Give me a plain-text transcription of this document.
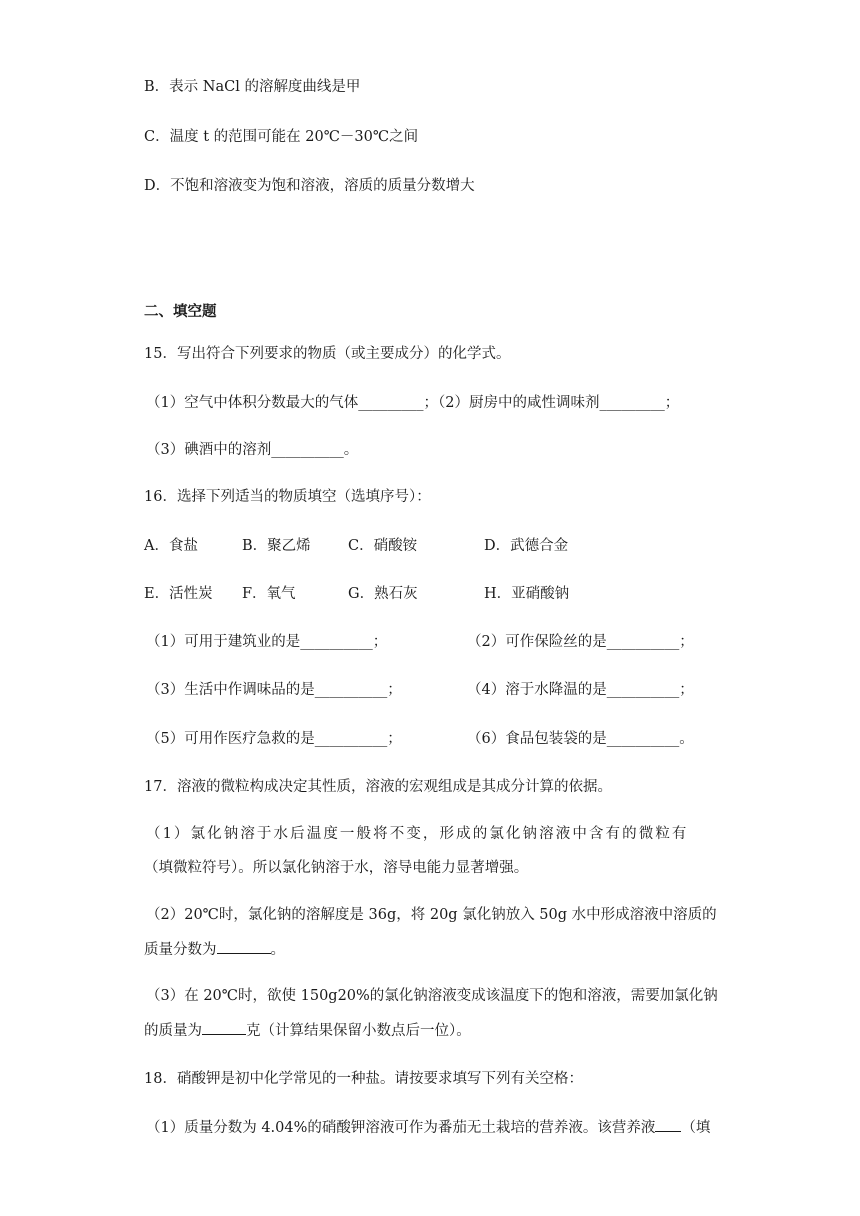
B．表示 NaCl 的溶解度曲线是甲
C．温度 t 的范围可能在 20℃－30℃之间
D．不饱和溶液变为饱和溶液，溶质的质量分数增大
二、填空题
15．写出符合下列要求的物质（或主要成分）的化学式。
（1）空气中体积分数最大的气体_________；（2）厨房中的咸性调味剂_________；
（3）碘酒中的溶剂__________。
16．选择下列适当的物质填空（选填序号）：
A．食盐	B．聚乙烯	C．硝酸铵	D．武德合金
E．活性炭 F．氧气	G．熟石灰	H．亚硝酸钠
（1）可用于建筑业的是__________；	（2）可作保险丝的是__________；
（3）生活中作调味品的是__________；	（4）溶于水降温的是__________；
（5）可用作医疗急救的是__________；	（6）食品包装袋的是__________。
17．溶液的微粒构成决定其性质，溶液的宏观组成是其成分计算的依据。
（1）氯化钠溶于水后温度一般将不变，形成的氯化钠溶液中含有的微粒有
（填微粒符号）。所以氯化钠溶于水，溶导电能力显著增强。
（2）20℃时，氯化钠的溶解度是 36g，将 20g 氯化钠放入 50g 水中形成溶液中溶质的
质量分数为	。
（3）在 20℃时，欲使 150g20%的氯化钠溶液变成该温度下的饱和溶液，需要加氯化钠
的质量为	克（计算结果保留小数点后一位）。
18．硝酸钾是初中化学常见的一种盐。请按要求填写下列有关空格：
（1）质量分数为 4.04%的硝酸钾溶液可作为番茄无土栽培的营养液。该营养液 （填
